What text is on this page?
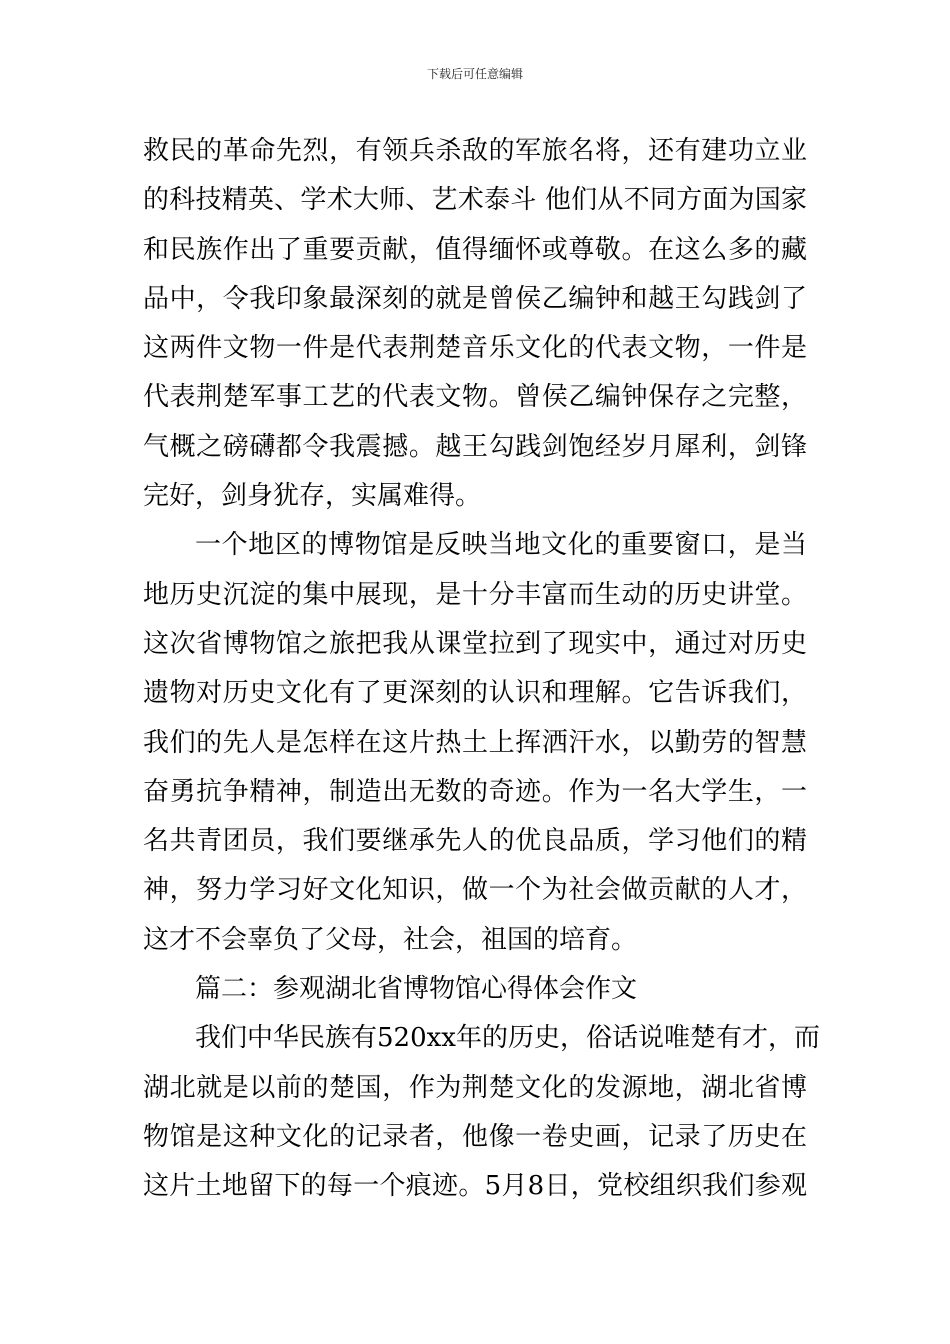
下载后可任意编辑
救民的革命先烈，有领兵杀敌的军旅名将，还有建功立业
的科技精英、学术大师、艺术泰斗 他们从不同方面为国家
和民族作出了重要贡献，值得缅怀或尊敬。在这么多的藏
品中，令我印象最深刻的就是曾侯乙编钟和越王勾践剑了
这两件文物一件是代表荆楚音乐文化的代表文物，一件是
代表荆楚军事工艺的代表文物。曾侯乙编钟保存之完整，
气概之磅礴都令我震撼。越王勾践剑饱经岁月犀利，剑锋
完好，剑身犹存，实属难得。
一个地区的博物馆是反映当地文化的重要窗口，是当
地历史沉淀的集中展现，是十分丰富而生动的历史讲堂。
这次省博物馆之旅把我从课堂拉到了现实中，通过对历史
遗物对历史文化有了更深刻的认识和理解。它告诉我们，
我们的先人是怎样在这片热土上挥洒汗水，以勤劳的智慧
奋勇抗争精神，制造出无数的奇迹。作为一名大学生，一
名共青团员，我们要继承先人的优良品质，学习他们的精
神，努力学习好文化知识，做一个为社会做贡献的人才，
这才不会辜负了父母，社会，祖国的培育。
篇二：参观湖北省博物馆心得体会作文
我们中华民族有520xx年的历史，俗话说唯楚有才，而
湖北就是以前的楚国，作为荆楚文化的发源地，湖北省博
物馆是这种文化的记录者，他像一卷史画，记录了历史在
这片土地留下的每一个痕迹。5月8日，党校组织我们参观
